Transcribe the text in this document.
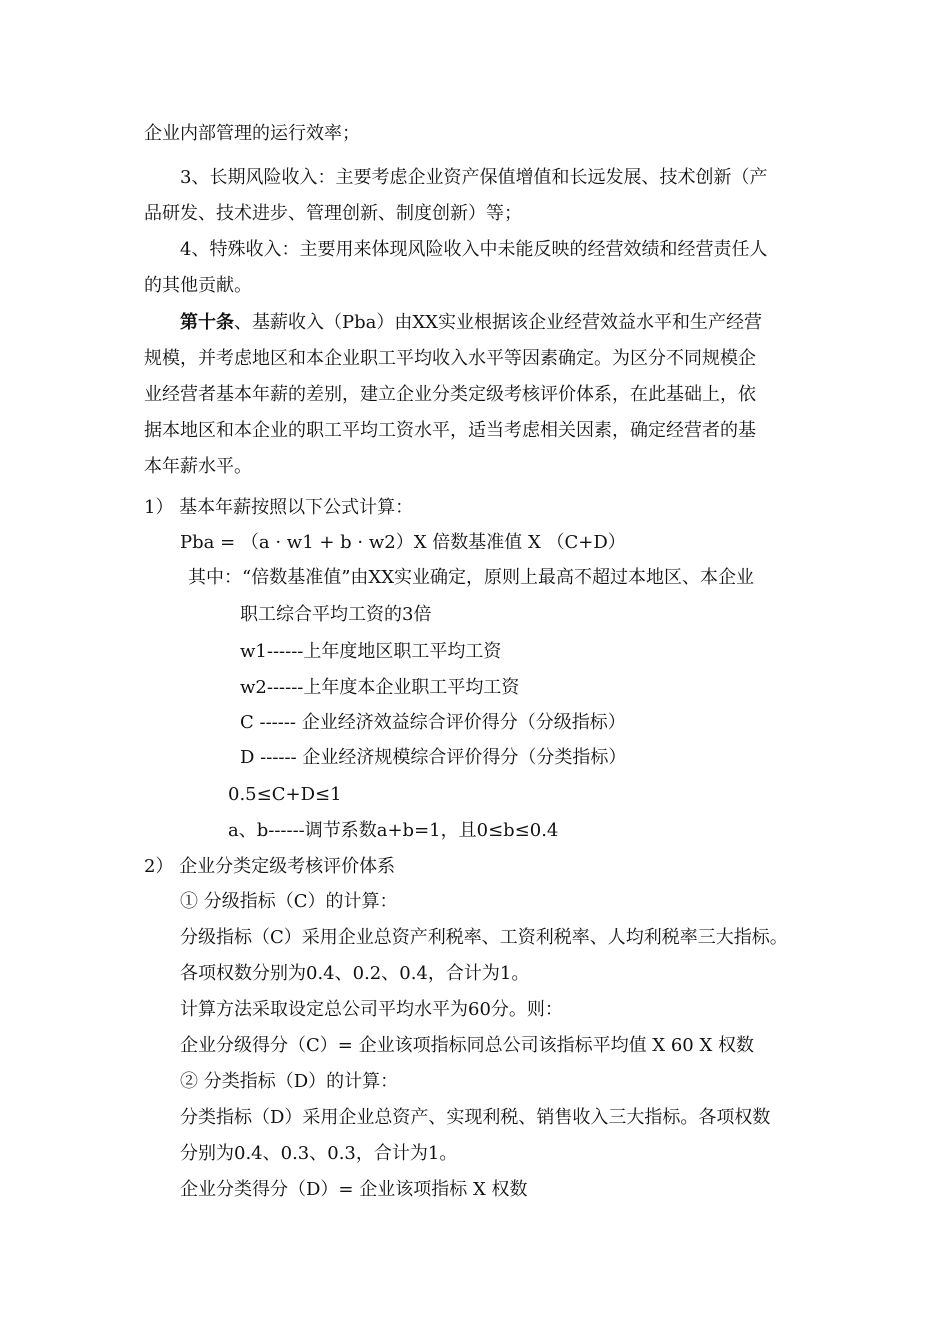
企业内部管理的运行效率；
3、长期风险收入：主要考虑企业资产保值增值和长远发展、技术创新（产
品研发、技术进步、管理创新、制度创新）等；
4、特殊收入：主要用来体现风险收入中未能反映的经营效绩和经营责任人
的其他贡献。
第十条、基薪收入（Pba）由XX实业根据该企业经营效益水平和生产经营
规模，并考虑地区和本企业职工平均收入水平等因素确定。为区分不同规模企
业经营者基本年薪的差别，建立企业分类定级考核评价体系，在此基础上，依
据本地区和本企业的职工平均工资水平，适当考虑相关因素，确定经营者的基
本年薪水平。
1） 基本年薪按照以下公式计算：
Pba = （a · w1 + b · w2）X 倍数基准值 X （C+D）
其中：“倍数基准值”由XX实业确定，原则上最高不超过本地区、本企业
职工综合平均工资的3倍
w1------上年度地区职工平均工资
w2------上年度本企业职工平均工资
C ------ 企业经济效益综合评价得分（分级指标）
D ------ 企业经济规模综合评价得分（分类指标）
0.5≤C+D≤1
a、b------调节系数a+b=1，且0≤b≤0.4
2） 企业分类定级考核评价体系
① 分级指标（C）的计算：
分级指标（C）采用企业总资产利税率、工资利税率、人均利税率三大指标。
各项权数分别为0.4、0.2、0.4，合计为1。
计算方法采取设定总公司平均水平为60分。则：
企业分级得分（C）= 企业该项指标同总公司该指标平均值 X 60 X 权数
② 分类指标（D）的计算：
分类指标（D）采用企业总资产、实现利税、销售收入三大指标。各项权数
分别为0.4、0.3、0.3，合计为1。
企业分类得分（D）= 企业该项指标 X 权数
